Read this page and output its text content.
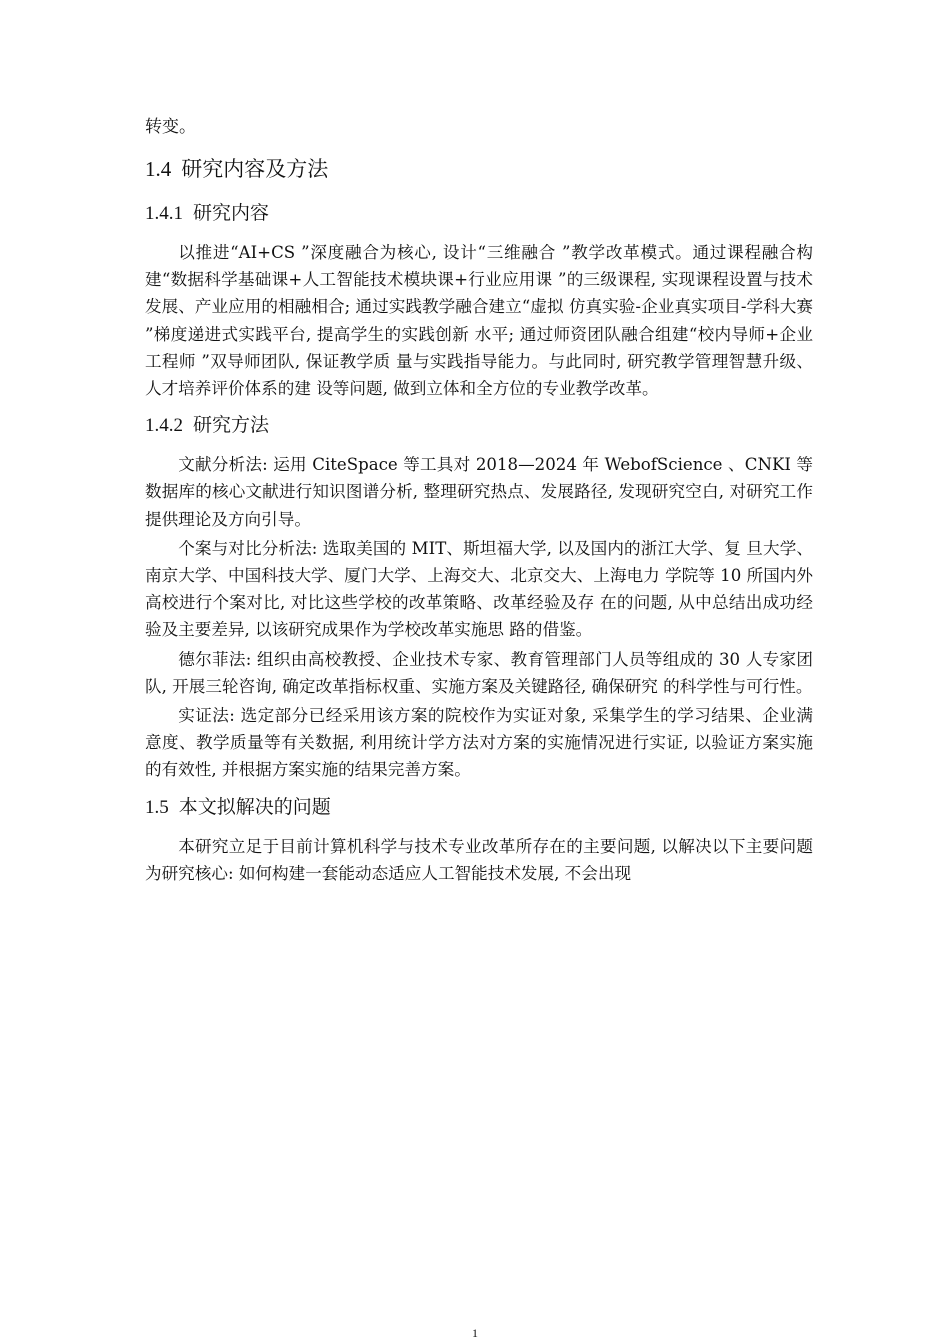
转变。

1.4 研究内容及方法
1.4.1 研究内容

以推进“AI+CS ”深度融合为核心, 设计“三维融合 ”教学改革模式。通过课程融合构建“数据科学基础课+人工智能技术模块课+行业应用课 ”的三级课程, 实现课程设置与技术发展、产业应用的相融相合; 通过实践教学融合建立“虚拟 仿真实验-企业真实项目-学科大赛 ”梯度递进式实践平台, 提高学生的实践创新 水平; 通过师资团队融合组建“校内导师+企业工程师 ”双导师团队, 保证教学质 量与实践指导能力。与此同时, 研究教学管理智慧升级、人才培养评价体系的建 设等问题, 做到立体和全方位的专业教学改革。

1.4.2 研究方法

文献分析法: 运用 CiteSpace 等工具对 2018—2024 年 WebofScience 、CNKI 等数据库的核心文献进行知识图谱分析, 整理研究热点、发展路径, 发现研究空白, 对研究工作提供理论及方向引导。

个案与对比分析法: 选取美国的 MIT、斯坦福大学, 以及国内的浙江大学、复 旦大学、南京大学、中国科技大学、厦门大学、上海交大、北京交大、上海电力 学院等 10 所国内外高校进行个案对比, 对比这些学校的改革策略、改革经验及存 在的问题, 从中总结出成功经验及主要差异, 以该研究成果作为学校改革实施思 路的借鉴。

德尔菲法: 组织由高校教授、企业技术专家、教育管理部门人员等组成的 30 人专家团队, 开展三轮咨询, 确定改革指标权重、实施方案及关键路径, 确保研究 的科学性与可行性。

实证法: 选定部分已经采用该方案的院校作为实证对象, 采集学生的学习结果、企业满意度、教学质量等有关数据, 利用统计学方法对方案的实施情况进行实证, 以验证方案实施的有效性, 并根据方案实施的结果完善方案。

1.5 本文拟解决的问题

本研究立足于目前计算机科学与技术专业改革所存在的主要问题, 以解决以下主要问题为研究核心: 如何构建一套能动态适应人工智能技术发展, 不会出现

1
